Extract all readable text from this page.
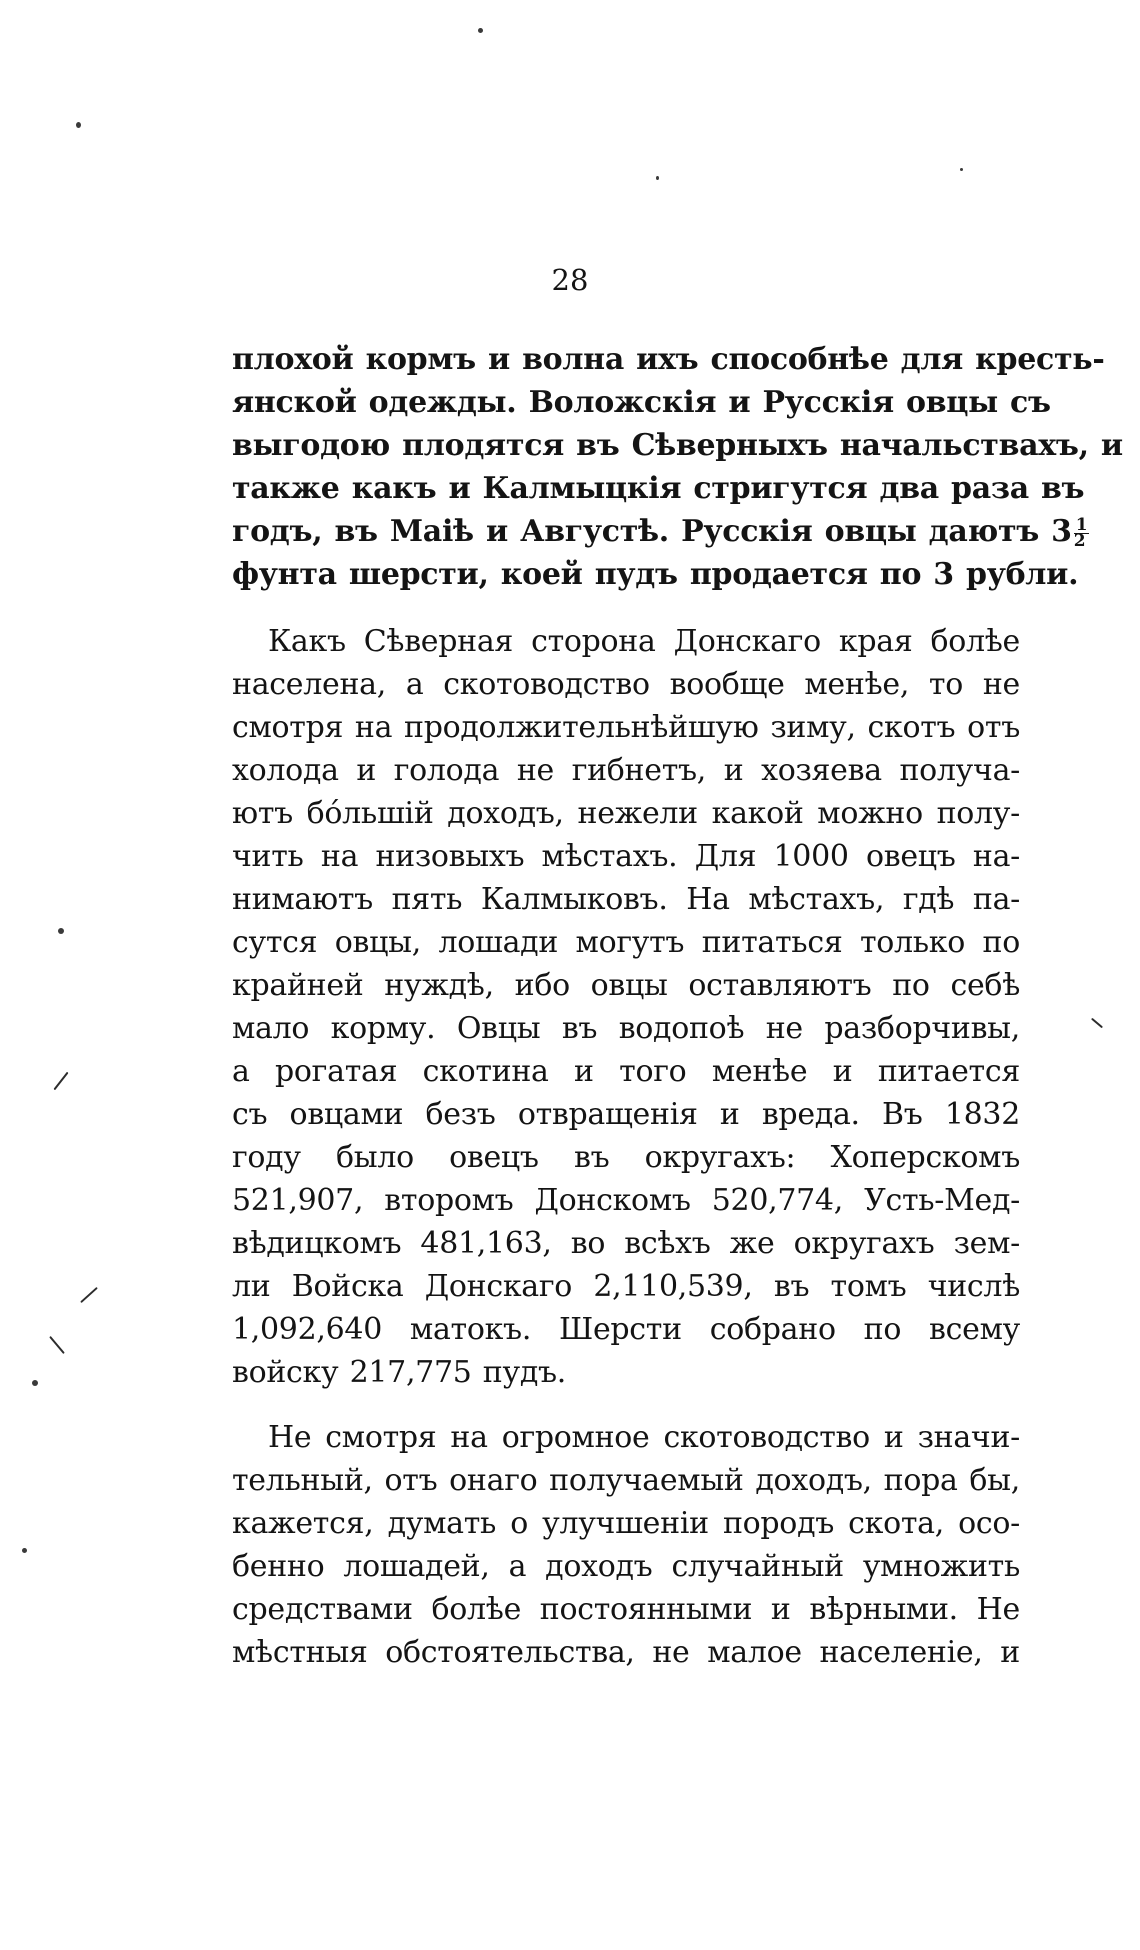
28
плохой кормъ и волна ихъ способнѣе для кресть-
янской одежды. Воложскія и Русскія овцы съ
выгодою плодятся въ Сѣверныхъ начальствахъ, и
также какъ и Калмыцкія стригутся два раза въ
годъ, въ Маіѣ и Августѣ. Русскія овцы даютъ $3 \frac{1}{2}$
фунта шерсти, коей пудъ продается по 3 рубли.
Какъ Сѣверная сторона Донскаго края болѣе
населена, а скотоводство вообще менѣе, то не
смотря на продолжительнѣйшую зиму, скотъ отъ
холода и голода не гибнетъ, и хозяева получа-
ютъ бо́льшій доходъ, нежели какой можно полу-
чить на низовыхъ мѣстахъ. Для 1000 овецъ на-
нимаютъ пять Калмыковъ. На мѣстахъ, гдѣ па-
сутся овцы, лошади могутъ питаться только по
крайней нуждѣ, ибо овцы оставляютъ по себѣ
мало корму. Овцы въ водопоѣ не разборчивы,
а рогатая скотина и того менѣе и питается
съ овцами безъ отвращенія и вреда. Въ 1832
году было овецъ въ округахъ: Хоперскомъ
521,907, второмъ Донскомъ 520,774, Усть-Мед-
вѣдицкомъ 481,163, во всѣхъ же округахъ зем-
ли Войска Донскаго 2,110,539, въ томъ числѣ
1,092,640 матокъ. Шерсти собрано по всему
войску 217,775 пудъ.
Не смотря на огромное скотоводство и значи-
тельный, отъ онаго получаемый доходъ, пора бы,
кажется, думать о улучшеніи породъ скота, осо-
бенно лошадей, а доходъ случайный умножить
средствами болѣе постоянными и вѣрными. Не
мѣстныя обстоятельства, не малое населеніе, и
